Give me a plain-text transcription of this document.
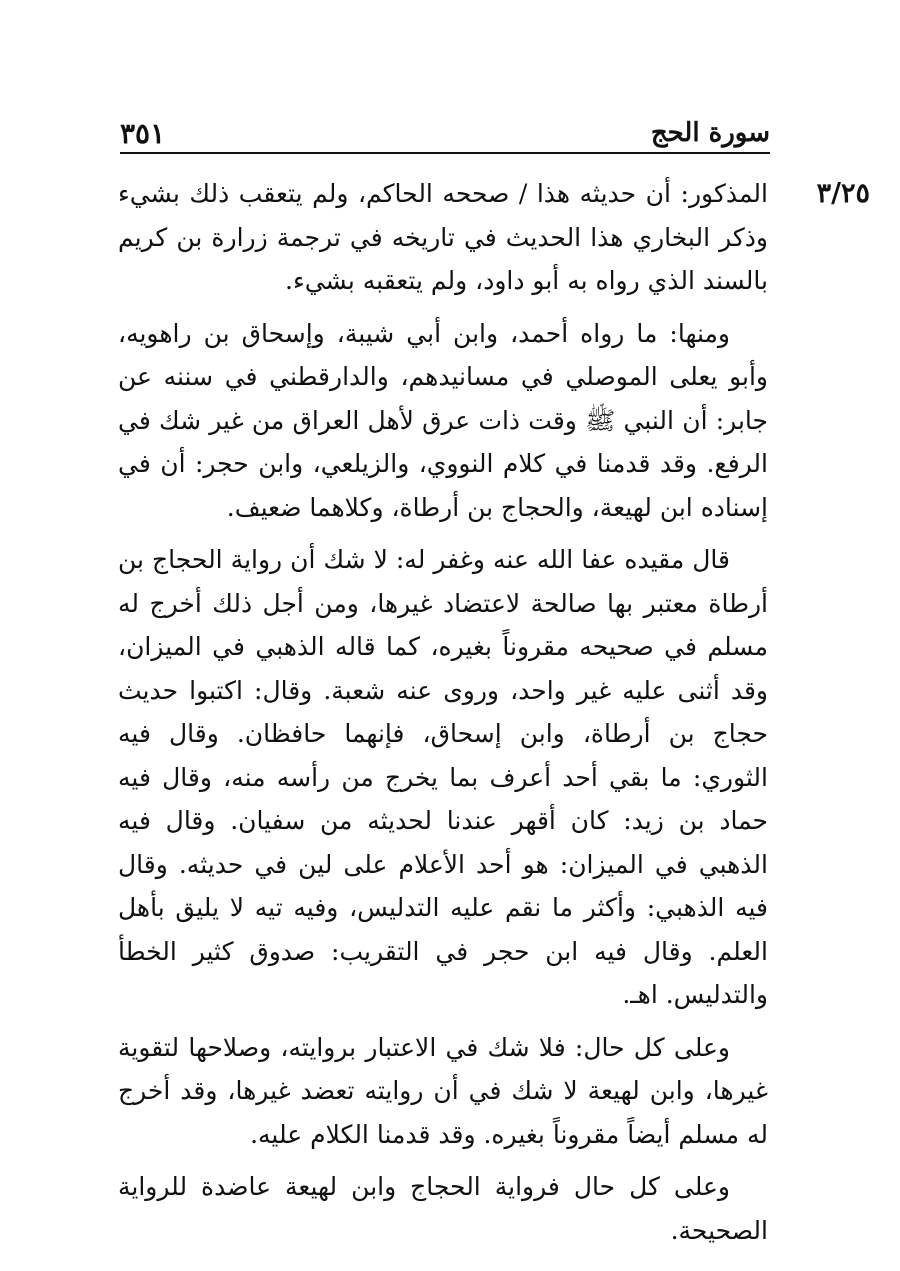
سورة الحج
٣٥١
٣/٢٥

المذكور: أن حديثه هذا / صححه الحاكم، ولم يتعقب ذلك بشيء وذكر البخاري هذا الحديث في تاريخه في ترجمة زرارة بن كريم بالسند الذي رواه به أبو داود، ولم يتعقبه بشيء.

ومنها: ما رواه أحمد، وابن أبي شيبة، وإسحاق بن راهويه، وأبو يعلى الموصلي في مسانيدهم، والدارقطني في سننه عن جابر: أن النبي ﷺ وقت ذات عرق لأهل العراق من غير شك في الرفع. وقد قدمنا في كلام النووي، والزيلعي، وابن حجر: أن في إسناده ابن لهيعة، والحجاج بن أرطاة، وكلاهما ضعيف.

قال مقيده عفا الله عنه وغفر له: لا شك أن رواية الحجاج بن أرطاة معتبر بها صالحة لاعتضاد غيرها، ومن أجل ذلك أخرج له مسلم في صحيحه مقروناً بغيره، كما قاله الذهبي في الميزان، وقد أثنى عليه غير واحد، وروى عنه شعبة. وقال: اكتبوا حديث حجاج بن أرطاة، وابن إسحاق، فإنهما حافظان. وقال فيه الثوري: ما بقي أحد أعرف بما يخرج من رأسه منه، وقال فيه حماد بن زيد: كان أقهر عندنا لحديثه من سفيان. وقال فيه الذهبي في الميزان: هو أحد الأعلام على لين في حديثه. وقال فيه الذهبي: وأكثر ما نقم عليه التدليس، وفيه تيه لا يليق بأهل العلم. وقال فيه ابن حجر في التقريب: صدوق كثير الخطأ والتدليس. اهـ.

وعلى كل حال: فلا شك في الاعتبار بروايته، وصلاحها لتقوية غيرها، وابن لهيعة لا شك في أن روايته تعضد غيرها، وقد أخرج له مسلم أيضاً مقروناً بغيره. وقد قدمنا الكلام عليه.

وعلى كل حال فرواية الحجاج وابن لهيعة عاضدة للرواية الصحيحة.
